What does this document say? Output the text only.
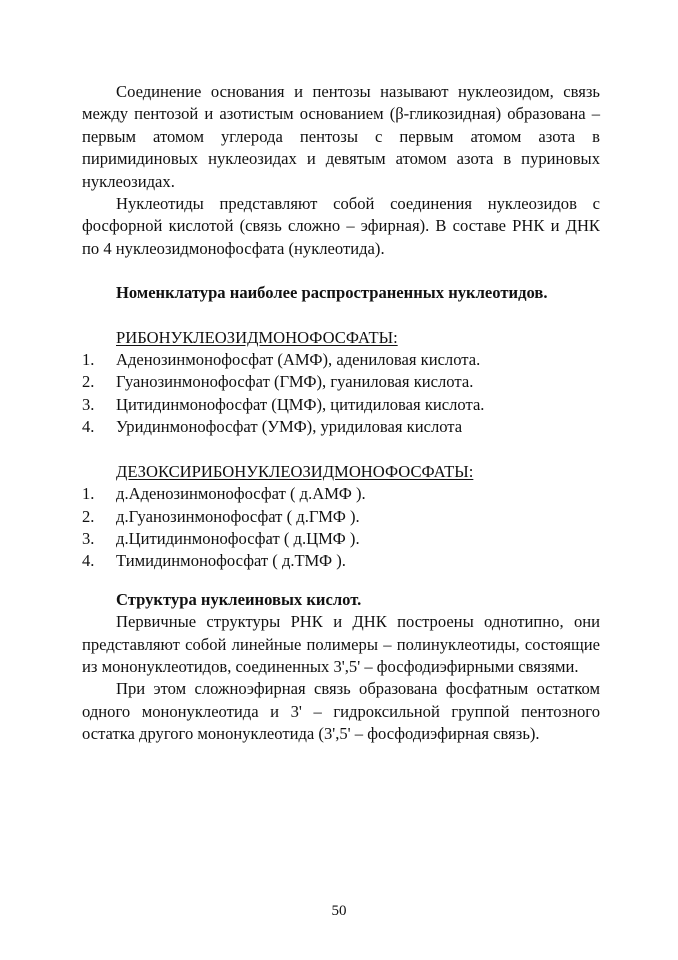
Соединение основания и пентозы называют нуклеозидом, связь между пентозой и азотистым основанием (β-гликозидная) образована – первым атомом углерода пентозы с первым атомом азота в пиримидиновых нуклеозидах и девятым атомом азота в пуриновых нуклеозидах.

Нуклеотиды представляют собой соединения нуклеозидов с фосфорной кислотой (связь сложно – эфирная). В составе РНК и ДНК по 4 нуклеозидмонофосфата (нуклеотида).

Номенклатура наиболее распространенных нуклеотидов.
РИБОНУКЛЕОЗИДМОНОФОСФАТЫ:
1.	Аденозинмонофосфат (АМФ), адениловая кислота.
2.	Гуанозинмонофосфат (ГМФ), гуаниловая кислота.
3.	Цитидинмонофосфат (ЦМФ), цитидиловая кислота.
4.	Уридинмонофосфат (УМФ), уридиловая кислота
ДЕЗОКСИРИБОНУКЛЕОЗИДМОНОФОСФАТЫ:
1.	д.Аденозинмонофосфат ( д.АМФ ).
2.	д.Гуанозинмонофосфат ( д.ГМФ ).
3.	д.Цитидинмонофосфат ( д.ЦМФ ).
4.	Тимидинмонофосфат ( д.ТМФ ).
Структура нуклеиновых кислот.

Первичные структуры РНК и ДНК построены однотипно, они представляют собой линейные полимеры – полинуклеотиды, состоящие из мононуклеотидов, соединенных 3',5' – фосфодиэфирными связями.

При этом сложноэфирная связь образована фосфатным остатком одного мононуклеотида и 3' – гидроксильной группой пентозного остатка другого мононуклеотида (3',5' – фосфодиэфирная связь).

50
